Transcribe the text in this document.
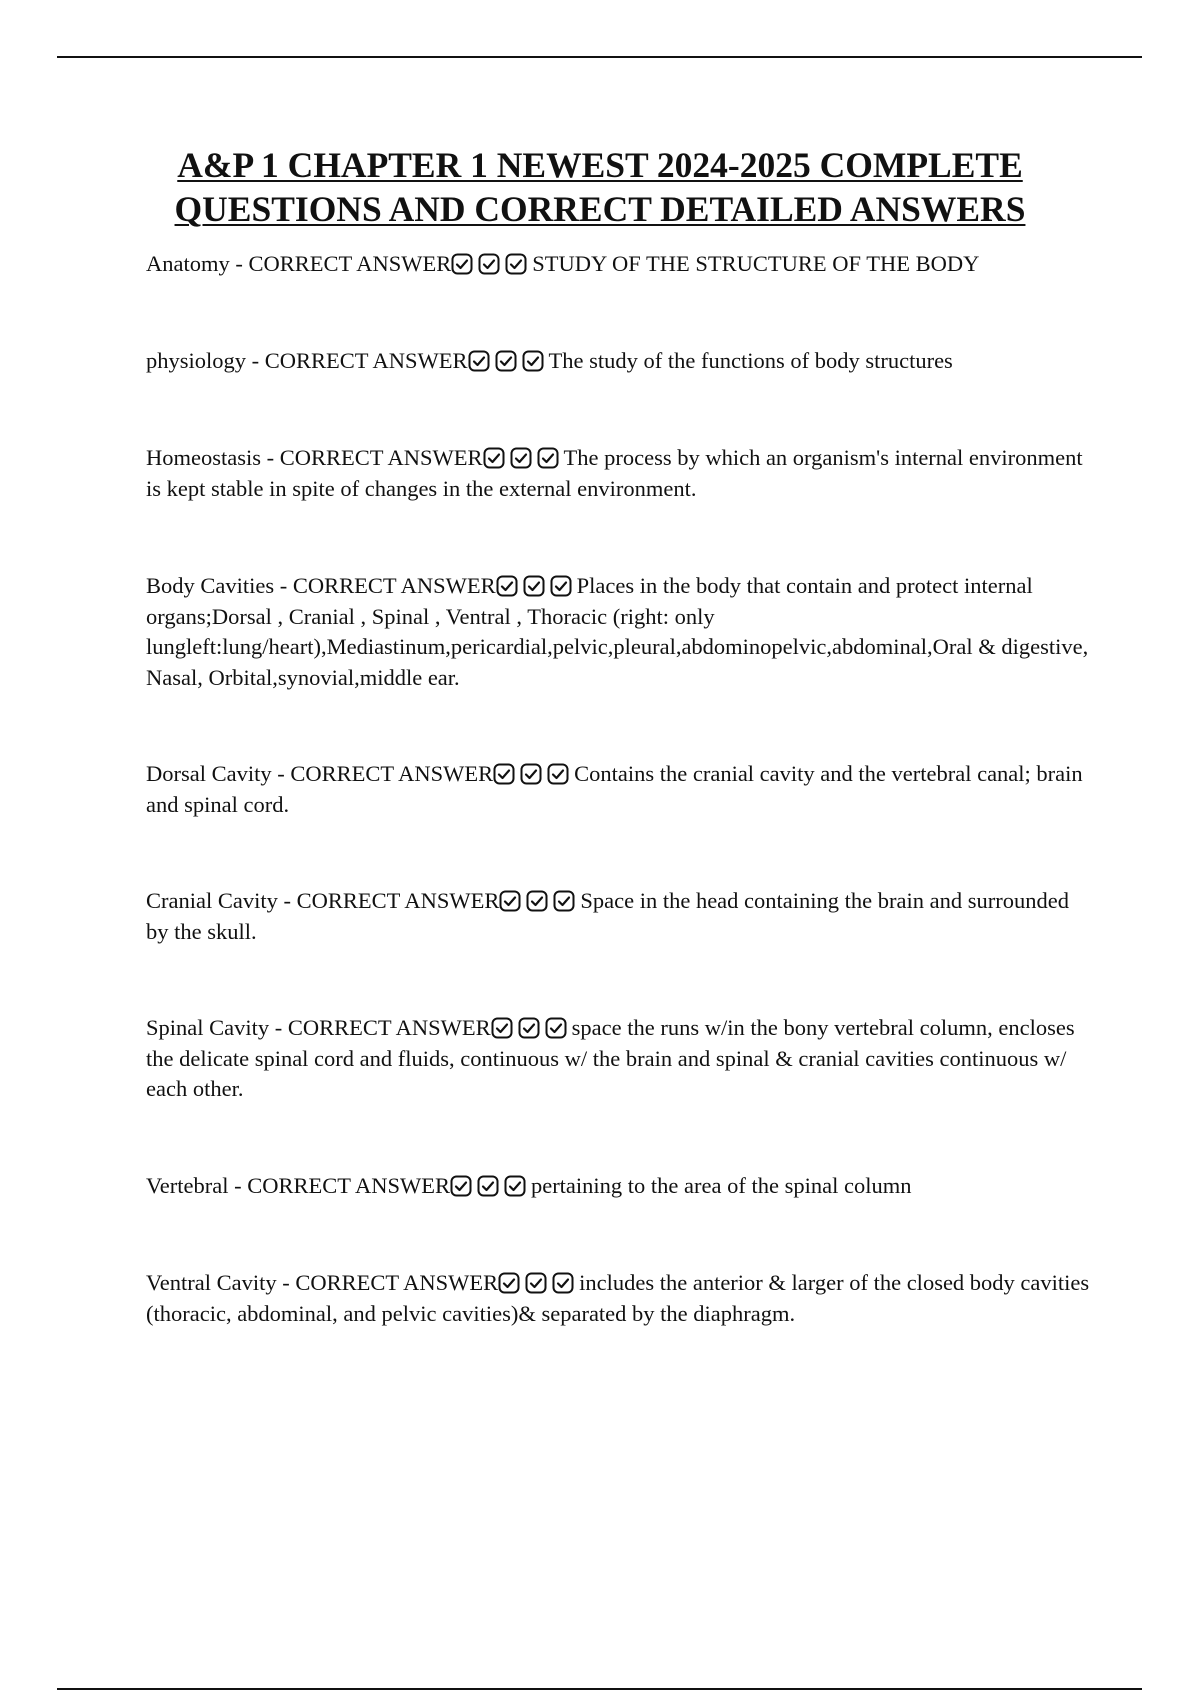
A&P 1 CHAPTER 1 NEWEST 2024-2025 COMPLETE
QUESTIONS AND CORRECT DETAILED ANSWERS

Anatomy - CORRECT ANSWER	STUDY OF THE STRUCTURE OF THE BODY

physiology - CORRECT ANSWER	The study of the functions of body structures

Homeostasis - CORRECT ANSWER	The process by which an organism's internal environment is kept stable in spite of changes in the external environment.

Body Cavities - CORRECT ANSWER	Places in the body that contain and protect internal organs;Dorsal , Cranial , Spinal , Ventral , Thoracic (right: only lungleft:lung/heart),Mediastinum,pericardial,pelvic,pleural,abdominopelvic,abdominal,Oral & digestive, Nasal, Orbital,synovial,middle ear.

Dorsal Cavity - CORRECT ANSWER	Contains the cranial cavity and the vertebral canal; brain and spinal cord.

Cranial Cavity - CORRECT ANSWER	Space in the head containing the brain and surrounded by the skull.

Spinal Cavity - CORRECT ANSWER	space the runs w/in the bony vertebral column, encloses the delicate spinal cord and fluids, continuous w/ the brain and spinal & cranial cavities continuous w/ each other.

Vertebral - CORRECT ANSWER	pertaining to the area of the spinal column

Ventral Cavity - CORRECT ANSWER	includes the anterior & larger of the closed body cavities (thoracic, abdominal, and pelvic cavities)& separated by the diaphragm.
